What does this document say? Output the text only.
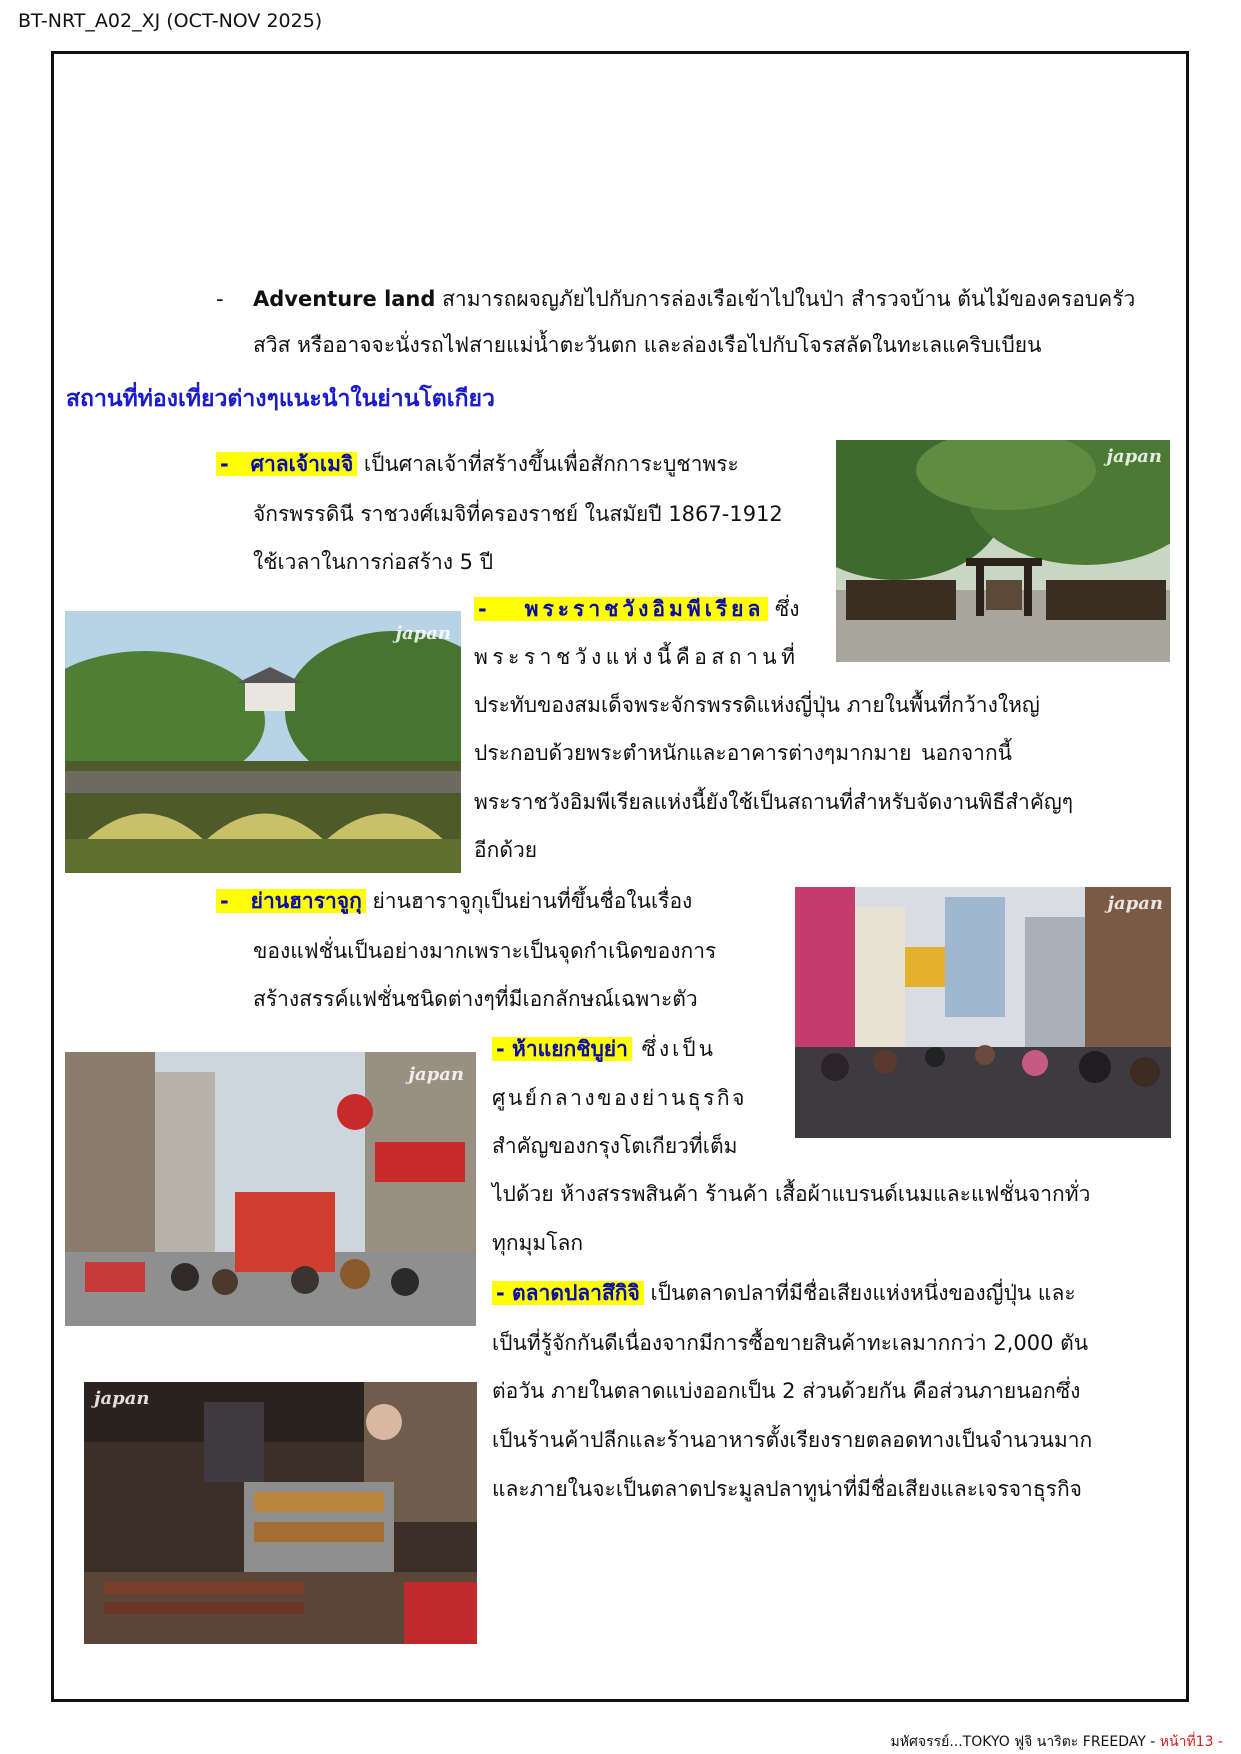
BT-NRT_A02_XJ (OCT-NOV 2025)
- Adventure land สามารถผจญภัยไปกับการล่องเรือเข้าไปในป่า สำรวจบ้าน ต้นไม้ของครอบครัว
สวิส หรืออาจจะนั่งรถไฟสายแม่น้ำตะวันตก และล่องเรือไปกับโจรสลัดในทะเลแคริบเบียน
สถานที่ท่องเที่ยวต่างๆแนะนำในย่านโตเกียว
- ศาลเจ้าเมจิ เป็นศาลเจ้าที่สร้างขึ้นเพื่อสักการะบูชาพระ
จักรพรรดินี ราชวงศ์เมจิที่ครองราชย์ ในสมัยปี 1867-1912
ใช้เวลาในการก่อสร้าง 5 ปี
japan
japan
- พระราชวังอิมพีเรียล ซึ่ง
พระราชวังแห่งนี้คือสถานที่
ประทับของสมเด็จพระจักรพรรดิแห่งญี่ปุ่น ภายในพื้นที่กว้างใหญ่
ประกอบด้วยพระตำหนักและอาคารต่างๆมากมาย นอกจากนี้
พระราชวังอิมพีเรียลแห่งนี้ยังใช้เป็นสถานที่สำหรับจัดงานพิธีสำคัญๆ
อีกด้วย
- ย่านฮาราจูกุ ย่านฮาราจูกุเป็นย่านที่ขึ้นชื่อในเรื่อง
ของแฟชั่นเป็นอย่างมากเพราะเป็นจุดกำเนิดของการ
สร้างสรรค์แฟชั่นชนิดต่างๆที่มีเอกลักษณ์เฉพาะตัว
japan
japan
- ห้าแยกชิบูย่า ซึ่งเป็น
ศูนย์กลางของย่านธุรกิจ
สำคัญของกรุงโตเกียวที่เต็ม
ไปด้วย ห้างสรรพสินค้า ร้านค้า เสื้อผ้าแบรนด์เนมและแฟชั่นจากทั่ว
ทุกมุมโลก
- ตลาดปลาสึกิจิ เป็นตลาดปลาที่มีชื่อเสียงแห่งหนึ่งของญี่ปุ่น และ
เป็นที่รู้จักกันดีเนื่องจากมีการซื้อขายสินค้าทะเลมากกว่า 2,000 ตัน
ต่อวัน ภายในตลาดแบ่งออกเป็น 2 ส่วนด้วยกัน คือส่วนภายนอกซึ่ง
เป็นร้านค้าปลีกและร้านอาหารตั้งเรียงรายตลอดทางเป็นจำนวนมาก
และภายในจะเป็นตลาดประมูลปลาทูน่าที่มีชื่อเสียงและเจรจาธุรกิจ
japan
มหัศจรรย์...TOKYO ฟูจิ นาริตะ FREEDAY - หน้าที่13 -
